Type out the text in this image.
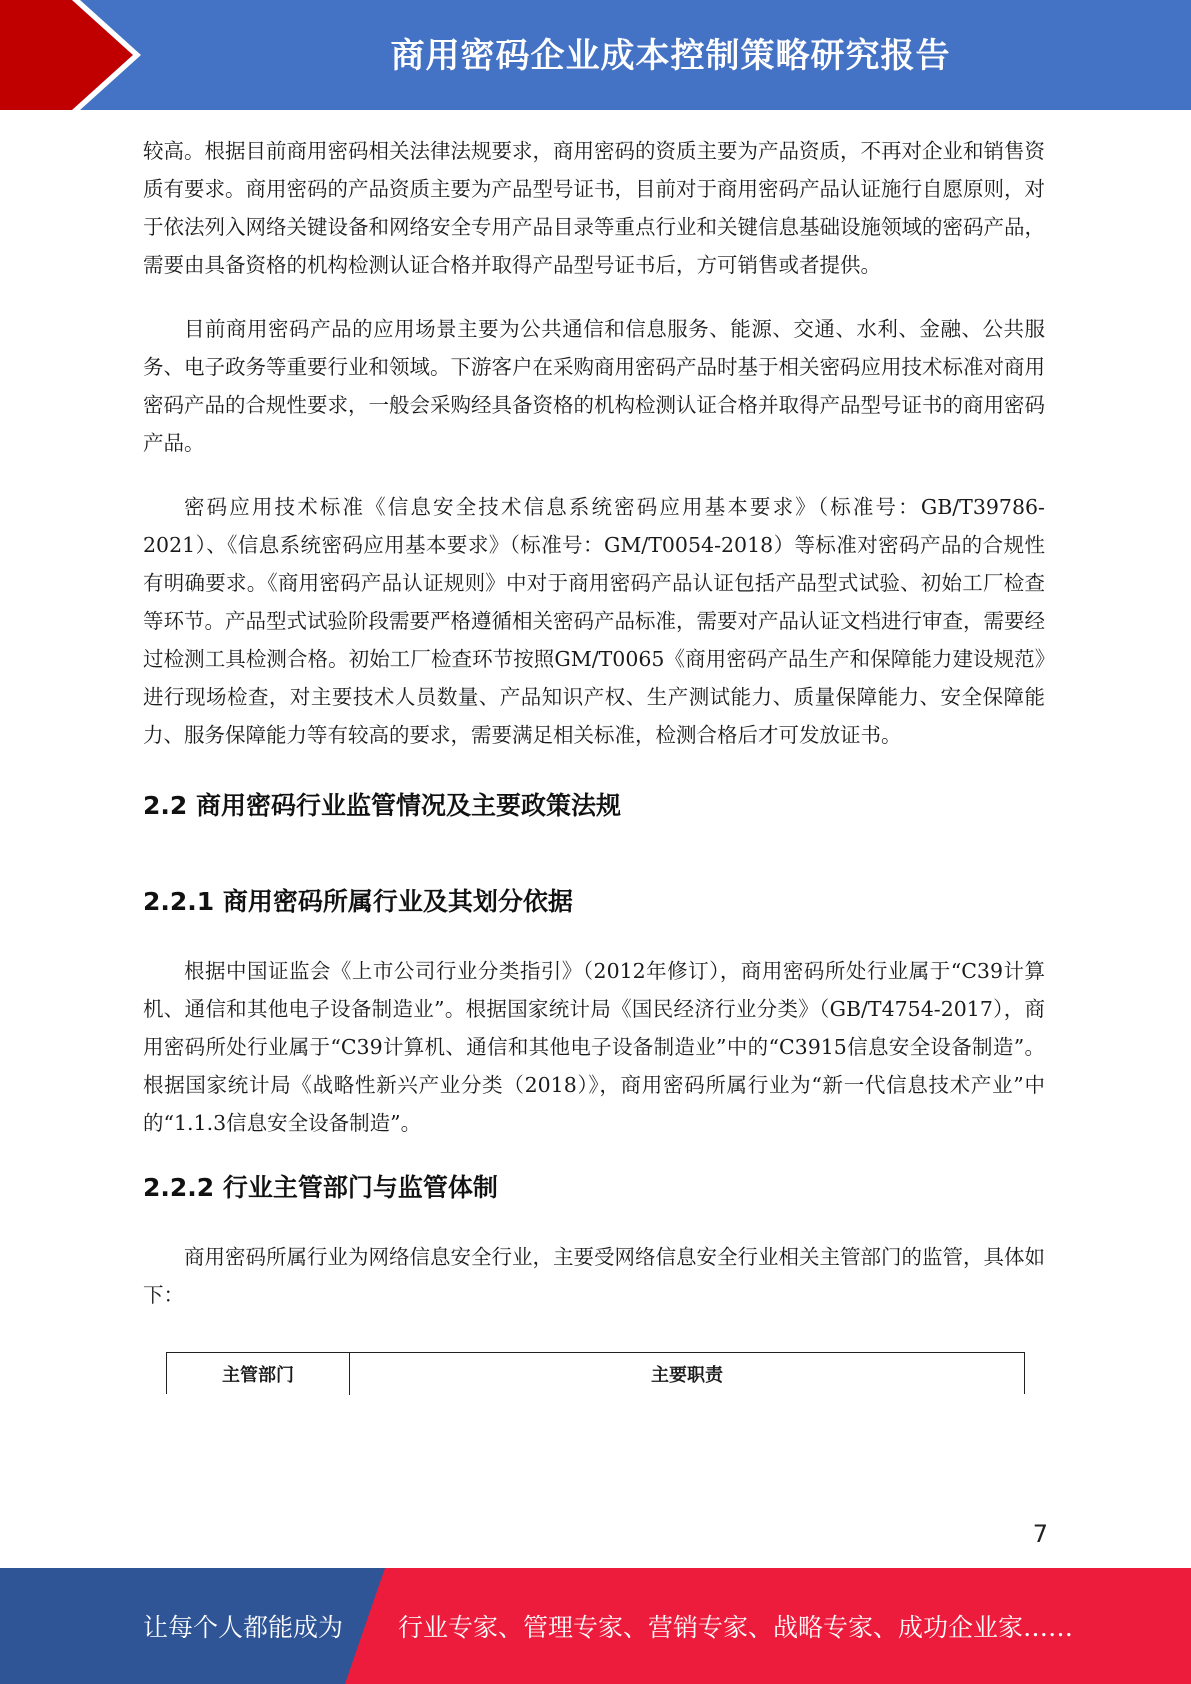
商用密码企业成本控制策略研究报告

较高。根据目前商用密码相关法律法规要求，商用密码的资质主要为产品资质，不再对企业和销售资质有要求。商用密码的产品资质主要为产品型号证书，目前对于商用密码产品认证施行自愿原则，对于依法列入网络关键设备和网络安全专用产品目录等重点行业和关键信息基础设施领域的密码产品，需要由具备资格的机构检测认证合格并取得产品型号证书后，方可销售或者提供。

目前商用密码产品的应用场景主要为公共通信和信息服务、能源、交通、水利、金融、公共服务、电子政务等重要行业和领域。下游客户在采购商用密码产品时基于相关密码应用技术标准对商用密码产品的合规性要求，一般会采购经具备资格的机构检测认证合格并取得产品型号证书的商用密码产品。

密码应用技术标准《信息安全技术信息系统密码应用基本要求》（标准号：GB/T39786-2021）、《信息系统密码应用基本要求》（标准号：GM/T0054-2018）等标准对密码产品的合规性有明确要求。《商用密码产品认证规则》中对于商用密码产品认证包括产品型式试验、初始工厂检查等环节。产品型式试验阶段需要严格遵循相关密码产品标准，需要对产品认证文档进行审查，需要经过检测工具检测合格。初始工厂检查环节按照GM/T0065《商用密码产品生产和保障能力建设规范》进行现场检查，对主要技术人员数量、产品知识产权、生产测试能力、质量保障能力、安全保障能力、服务保障能力等有较高的要求，需要满足相关标准，检测合格后才可发放证书。

2.2 商用密码行业监管情况及主要政策法规
2.2.1 商用密码所属行业及其划分依据

根据中国证监会《上市公司行业分类指引》（2012年修订），商用密码所处行业属于“C39计算机、通信和其他电子设备制造业”。根据国家统计局《国民经济行业分类》（GB/T4754-2017），商用密码所处行业属于“C39计算机、通信和其他电子设备制造业”中的“C3915信息安全设备制造”。根据国家统计局《战略性新兴产业分类（2018）》，商用密码所属行业为“新一代信息技术产业”中的“1.1.3信息安全设备制造”。

2.2.2 行业主管部门与监管体制

商用密码所属行业为网络信息安全行业，主要受网络信息安全行业相关主管部门的监管，具体如下：

主管部门	主要职责
7
让每个人都能成为 行业专家、管理专家、营销专家、战略专家、成功企业家……
